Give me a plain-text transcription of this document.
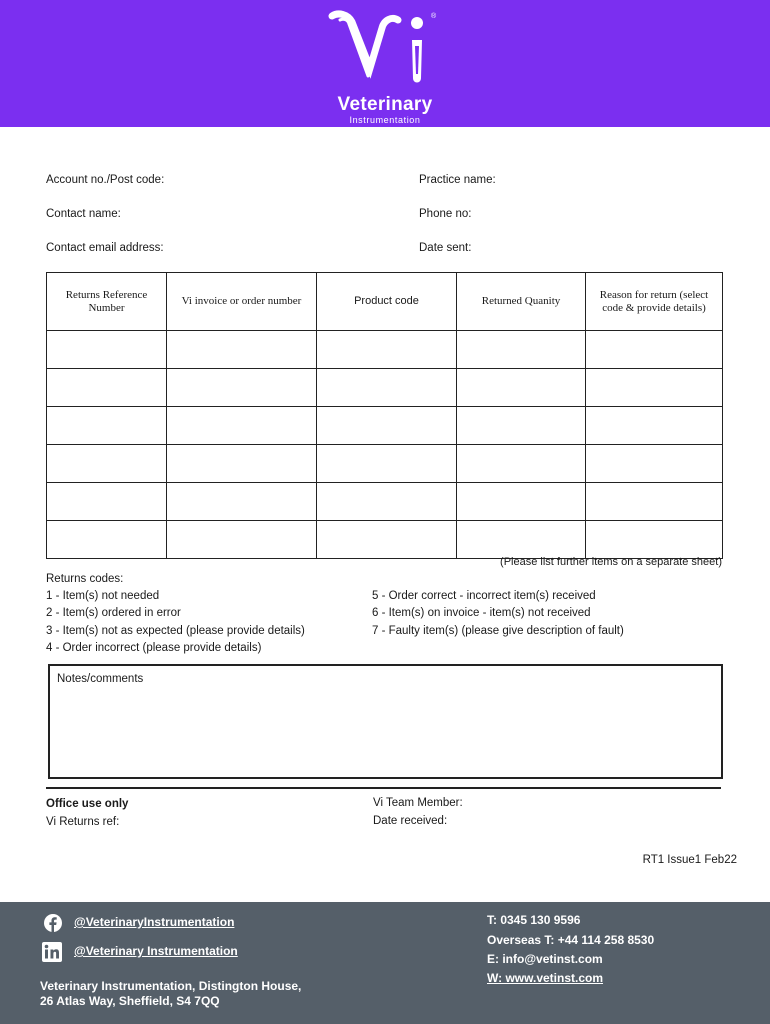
®
Veterinary
Instrumentation
Account no./Post code:	Practice name:
Contact name:	Phone no:
Contact email address:	Date sent:
Returns Reference Number	Vi invoice or order number	Product code	Returned Quanity	Reason for return (select code & provide details)

(Please list further items on a separate sheet)
Returns codes:
1 - Item(s) not needed
2 - Item(s) ordered in error
3 - Item(s) not as expected (please provide details)
4 - Order incorrect (please provide details)
5 - Order correct - incorrect item(s) received
6 - Item(s) on invoice - item(s) not received
7 - Faulty item(s) (please give description of fault)
Notes/comments
Office use only
Vi Returns ref:
Vi Team Member:
Date received:
RT1 Issue1 Feb22
@VeterinaryInstrumentation
@Veterinary Instrumentation
Veterinary Instrumentation, Distington House,
26 Atlas Way, Sheffield, S4 7QQ
T: 0345 130 9596
Overseas T: +44 114 258 8530
E: info@vetinst.com
W: www.vetinst.com
